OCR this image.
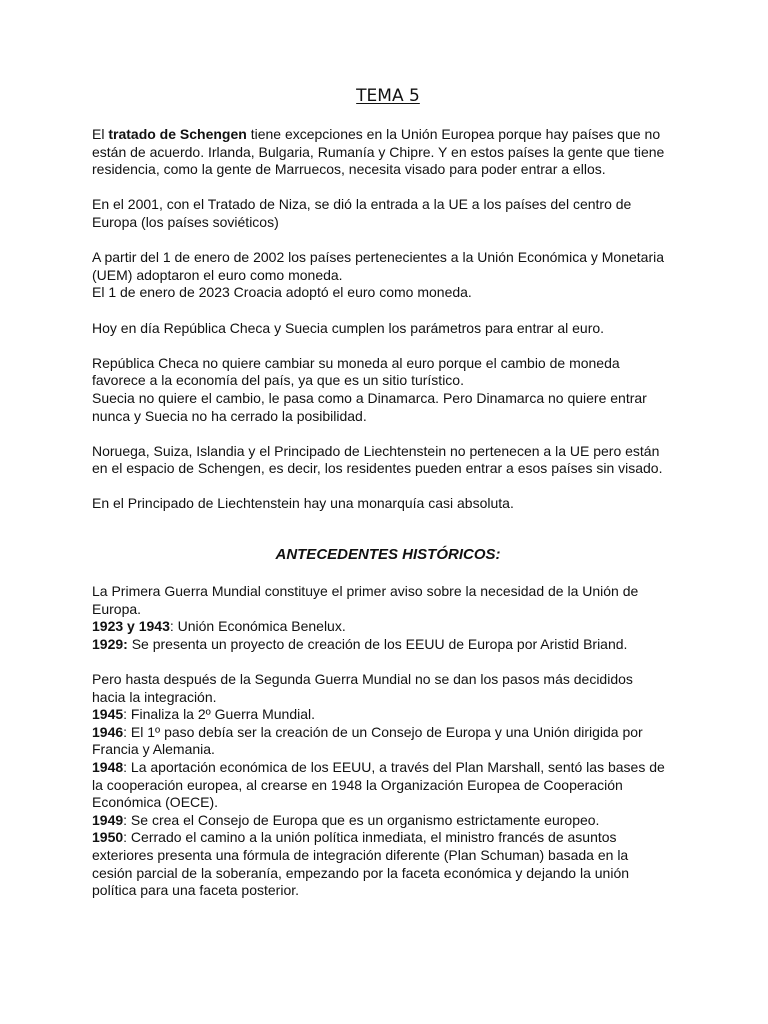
TEMA 5
El tratado de Schengen tiene excepciones en la Unión Europea porque hay países que no
están de acuerdo. Irlanda, Bulgaria, Rumanía y Chipre. Y en estos países la gente que tiene
residencia, como la gente de Marruecos, necesita visado para poder entrar a ellos.
En el 2001, con el Tratado de Niza, se dió la entrada a la UE a los países del centro de
Europa (los países soviéticos)
A partir del 1 de enero de 2002 los países pertenecientes a la Unión Económica y Monetaria
(UEM) adoptaron el euro como moneda.
El 1 de enero de 2023 Croacia adoptó el euro como moneda.
Hoy en día República Checa y Suecia cumplen los parámetros para entrar al euro.
República Checa no quiere cambiar su moneda al euro porque el cambio de moneda
favorece a la economía del país, ya que es un sitio turístico.
Suecia no quiere el cambio, le pasa como a Dinamarca. Pero Dinamarca no quiere entrar
nunca y Suecia no ha cerrado la posibilidad.
Noruega, Suiza, Islandia y el Principado de Liechtenstein no pertenecen a la UE pero están
en el espacio de Schengen, es decir, los residentes pueden entrar a esos países sin visado.
En el Principado de Liechtenstein hay una monarquía casi absoluta.
ANTECEDENTES HISTÓRICOS:
La Primera Guerra Mundial constituye el primer aviso sobre la necesidad de la Unión de
Europa.
1923 y 1943: Unión Económica Benelux.
1929: Se presenta un proyecto de creación de los EEUU de Europa por Aristid Briand.
Pero hasta después de la Segunda Guerra Mundial no se dan los pasos más decididos
hacia la integración.
1945: Finaliza la 2º Guerra Mundial.
1946: El 1º paso debía ser la creación de un Consejo de Europa y una Unión dirigida por
Francia y Alemania.
1948: La aportación económica de los EEUU, a través del Plan Marshall, sentó las bases de
la cooperación europea, al crearse en 1948 la Organización Europea de Cooperación
Económica (OECE).
1949: Se crea el Consejo de Europa que es un organismo estrictamente europeo.
1950: Cerrado el camino a la unión política inmediata, el ministro francés de asuntos
exteriores presenta una fórmula de integración diferente (Plan Schuman) basada en la
cesión parcial de la soberanía, empezando por la faceta económica y dejando la unión
política para una faceta posterior.
